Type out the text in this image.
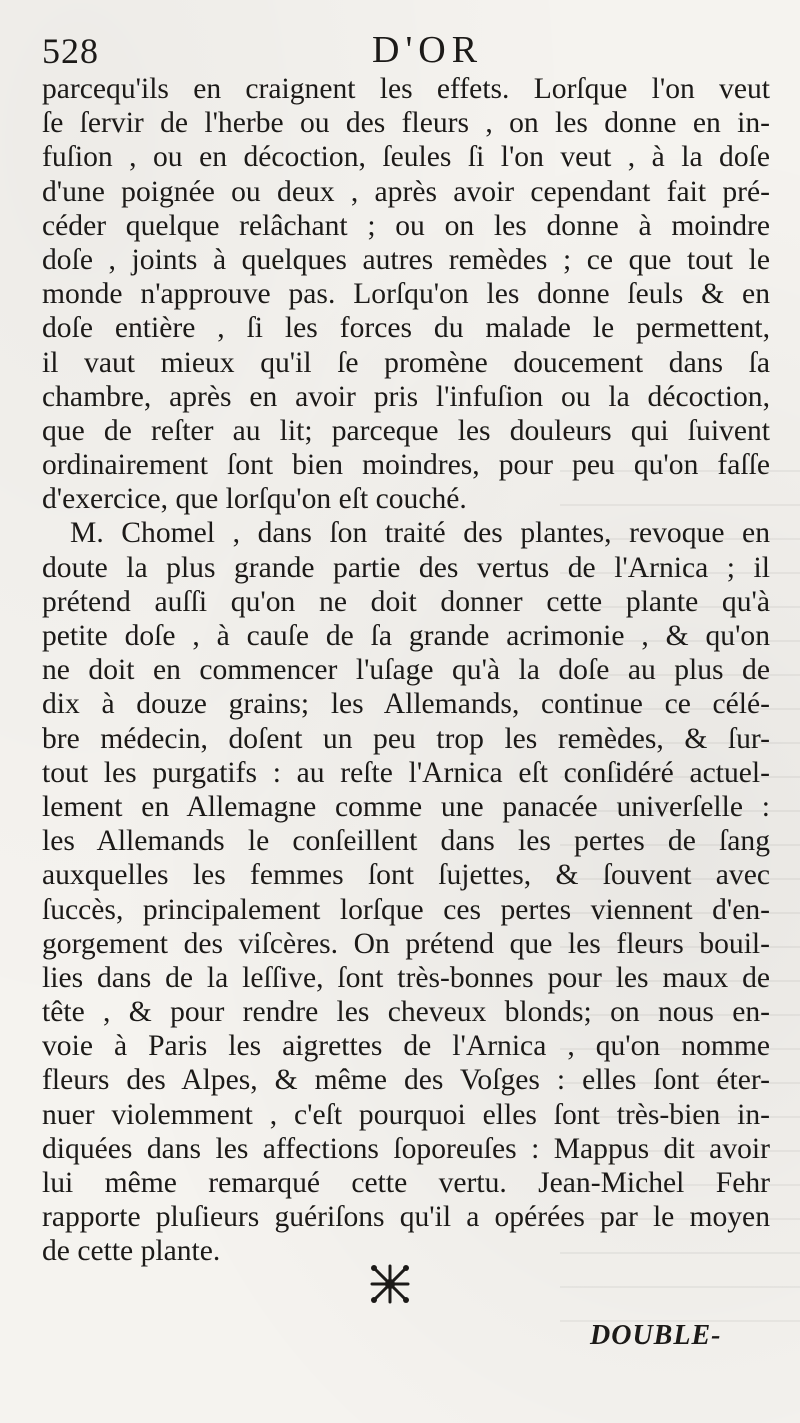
528	D'OR
parcequ'ils en craignent les effets. Lorſque l'on veut
ſe ſervir de l'herbe ou des fleurs , on les donne en in-
fuſion , ou en décoction, ſeules ſi l'on veut , à la doſe
d'une poignée ou deux , après avoir cependant fait pré-
céder quelque relâchant ; ou on les donne à moindre
doſe , joints à quelques autres remèdes ; ce que tout le
monde n'approuve pas. Lorſqu'on les donne ſeuls & en
doſe entière , ſi les forces du malade le permettent,
il vaut mieux qu'il ſe promène doucement dans ſa
chambre, après en avoir pris l'infuſion ou la décoction,
que de reſter au lit; parceque les douleurs qui ſuivent
ordinairement ſont bien moindres, pour peu qu'on faſſe
d'exercice, que lorſqu'on eſt couché.
M. Chomel , dans ſon traité des plantes, revoque en
doute la plus grande partie des vertus de l'Arnica ; il
prétend auſſi qu'on ne doit donner cette plante qu'à
petite doſe , à cauſe de ſa grande acrimonie , & qu'on
ne doit en commencer l'uſage qu'à la doſe au plus de
dix à douze grains; les Allemands, continue ce célé-
bre médecin, doſent un peu trop les remèdes, & ſur-
tout les purgatifs : au reſte l'Arnica eſt conſidéré actuel-
lement en Allemagne comme une panacée univerſelle :
les Allemands le conſeillent dans les pertes de ſang
auxquelles les femmes ſont ſujettes, & ſouvent avec
ſuccès, principalement lorſque ces pertes viennent d'en-
gorgement des viſcères. On prétend que les fleurs bouil-
lies dans de la leſſive, ſont très-bonnes pour les maux de
tête , & pour rendre les cheveux blonds; on nous en-
voie à Paris les aigrettes de l'Arnica , qu'on nomme
fleurs des Alpes, & même des Voſges : elles ſont éter-
nuer violemment , c'eſt pourquoi elles ſont très-bien in-
diquées dans les affections ſoporeuſes : Mappus dit avoir
lui même remarqué cette vertu. Jean-Michel Fehr
rapporte pluſieurs guériſons qu'il a opérées par le moyen
de cette plante.
DOUBLE-
